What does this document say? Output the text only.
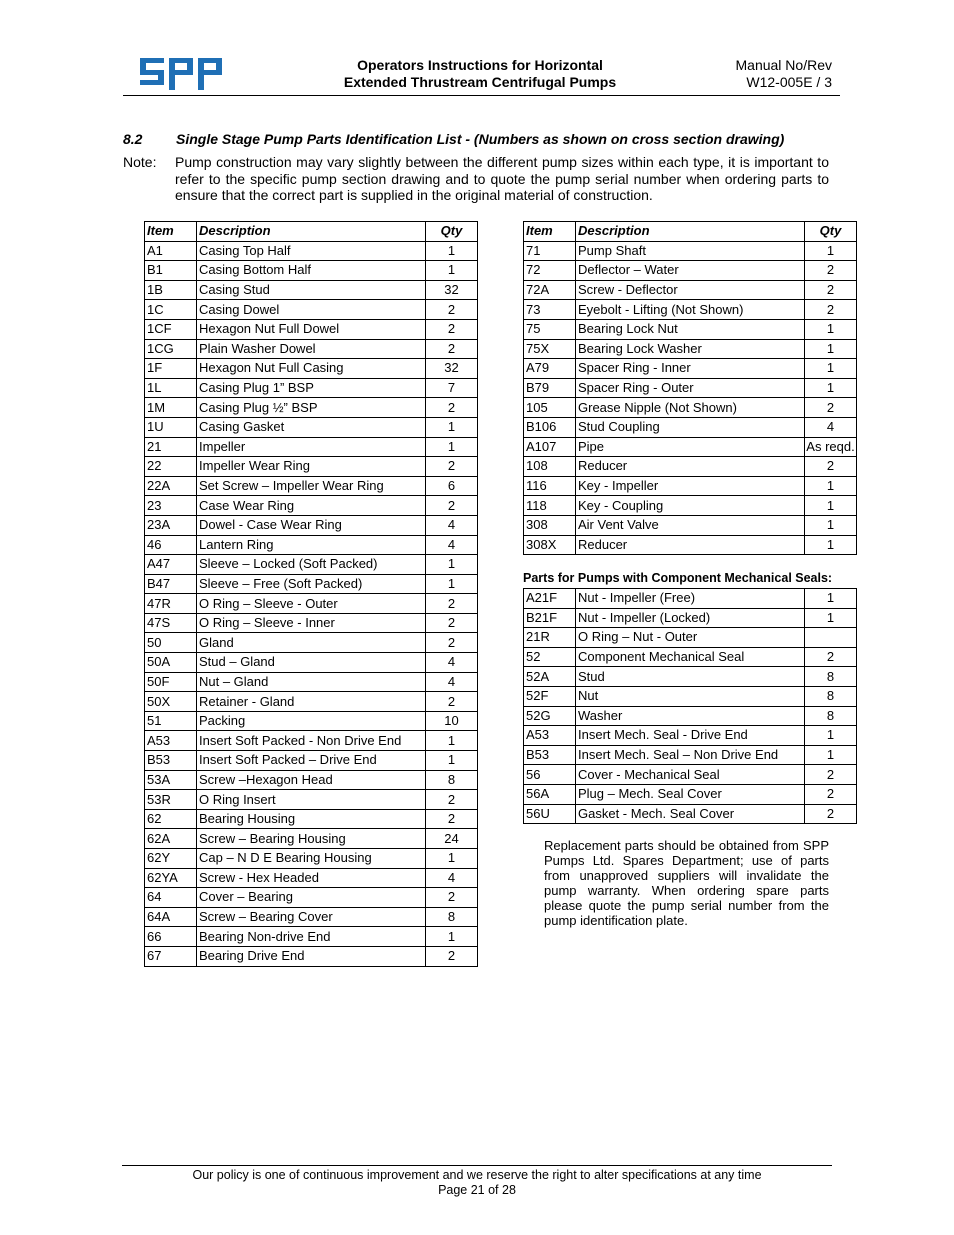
Operators Instructions for Horizontal
Extended Thrustream Centrifugal Pumps
Manual No/Rev
W12-005E / 3
8.2 Single Stage Pump Parts Identification List - (Numbers as shown on cross section drawing)
Note: Pump construction may vary slightly between the different pump sizes within each type, it is important to refer to the specific pump section drawing and to quote the pump serial number when ordering parts to ensure that the correct part is supplied in the original material of construction.
Item	Description	Qty
A1	Casing Top Half	1
B1	Casing Bottom Half	1
1B	Casing Stud	32
1C	Casing Dowel	2
1CF	Hexagon Nut Full Dowel	2
1CG	Plain Washer Dowel	2
1F	Hexagon Nut Full Casing	32
1L	Casing Plug 1” BSP	7
1M	Casing Plug ½” BSP	2
1U	Casing Gasket	1
21	Impeller	1
22	Impeller Wear Ring	2
22A	Set Screw – Impeller Wear Ring	6
23	Case Wear Ring	2
23A	Dowel - Case Wear Ring	4
46	Lantern Ring	4
A47	Sleeve – Locked (Soft Packed)	1
B47	Sleeve – Free (Soft Packed)	1
47R	O Ring – Sleeve - Outer	2
47S	O Ring – Sleeve - Inner	2
50	Gland	2
50A	Stud – Gland	4
50F	Nut – Gland	4
50X	Retainer - Gland	2
51	Packing	10
A53	Insert Soft Packed - Non Drive End	1
B53	Insert Soft Packed – Drive End	1
53A	Screw –Hexagon Head	8
53R	O Ring Insert	2
62	Bearing Housing	2
62A	Screw – Bearing Housing	24
62Y	Cap – N D E Bearing Housing	1
62YA	Screw - Hex Headed	4
64	Cover – Bearing	2
64A	Screw – Bearing Cover	8
66	Bearing Non-drive End	1
67	Bearing Drive End	2
Item	Description	Qty
71	Pump Shaft	1
72	Deflector – Water	2
72A	Screw - Deflector	2
73	Eyebolt - Lifting (Not Shown)	2
75	Bearing Lock Nut	1
75X	Bearing Lock Washer	1
A79	Spacer Ring - Inner	1
B79	Spacer Ring - Outer	1
105	Grease Nipple (Not Shown)	2
B106	Stud Coupling	4
A107	Pipe	As reqd.
108	Reducer	2
116	Key - Impeller	1
118	Key - Coupling	1
308	Air Vent Valve	1
308X	Reducer	1
Parts for Pumps with Component Mechanical Seals:
A21F	Nut - Impeller (Free)	1
B21F	Nut - Impeller (Locked)	1
21R	O Ring – Nut - Outer	
52	Component Mechanical Seal	2
52A	Stud	8
52F	Nut	8
52G	Washer	8
A53	Insert Mech. Seal - Drive End	1
B53	Insert Mech. Seal – Non Drive End	1
56	Cover - Mechanical Seal	2
56A	Plug – Mech. Seal Cover	2
56U	Gasket - Mech. Seal Cover	2
Replacement parts should be obtained from SPP Pumps Ltd. Spares Department; use of parts from unapproved suppliers will invalidate the pump warranty. When ordering spare parts please quote the pump serial number from the pump identification plate.
Our policy is one of continuous improvement and we reserve the right to alter specifications at any time
Page 21 of 28
